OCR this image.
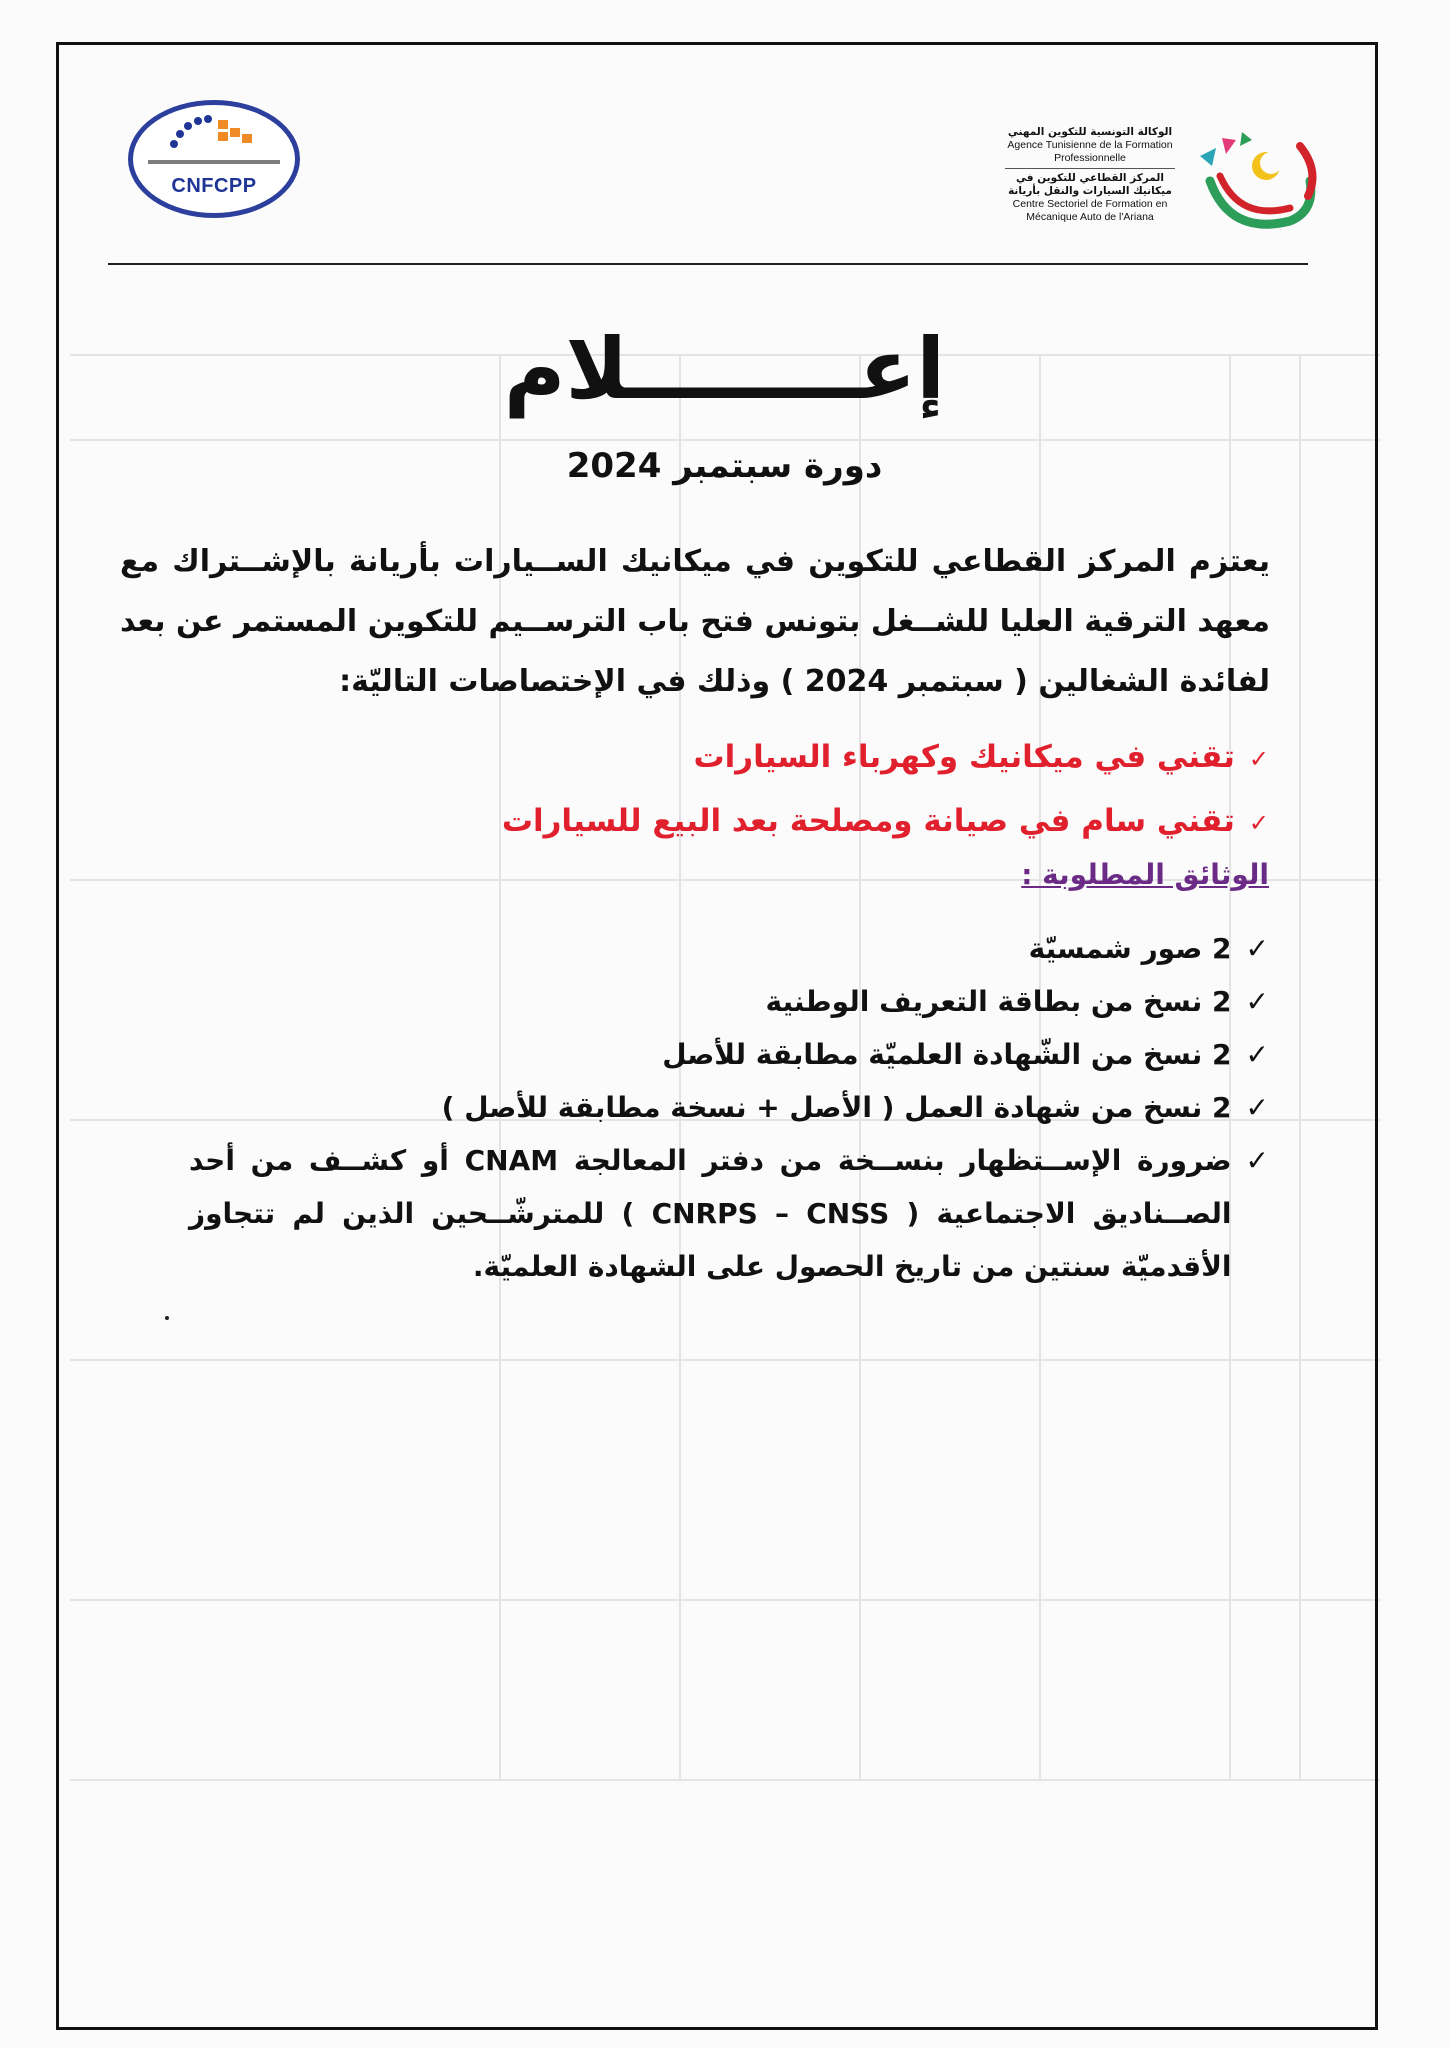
CNFCPP
الوكالة التونسية للتكوين المهني
Agence Tunisienne de la Formation Professionnelle
المركز القطاعي للتكوين في ميكانيك السيارات والنقل بأريانة
Centre Sectoriel de Formation en Mécanique Auto de l'Ariana
إعــــــــلام
دورة سبتمبر 2024
يعتزم المركز القطاعي للتكوين في ميكانيك الســيارات بأريانة بالإشــتراك مع معهد الترقية العليا للشــغل بتونس فتح باب الترســيم للتكوين المستمر عن بعد لفائدة الشغالين ( سبتمبر 2024 ) وذلك في الإختصاصات التاليّة:
✓تقني في ميكانيك وكهرباء السيارات
✓تقني سام في صيانة ومصلحة بعد البيع للسيارات
الوثائق المطلوبة :
✓2 صور شمسيّة
✓2 نسخ من بطاقة التعريف الوطنية
✓2 نسخ من الشّهادة العلميّة مطابقة للأصل
✓2 نسخ من شهادة العمل ( الأصل + نسخة مطابقة للأصل )
✓
ضرورة الإســتظهار بنســخة من دفتر المعالجة CNAM أو كشــف من أحد الصــناديق الاجتماعية ( CNRPS – CNSS ) للمترشّــحين الذين لم تتجاوز الأقدميّة سنتين من تاريخ الحصول على الشهادة العلميّة.
